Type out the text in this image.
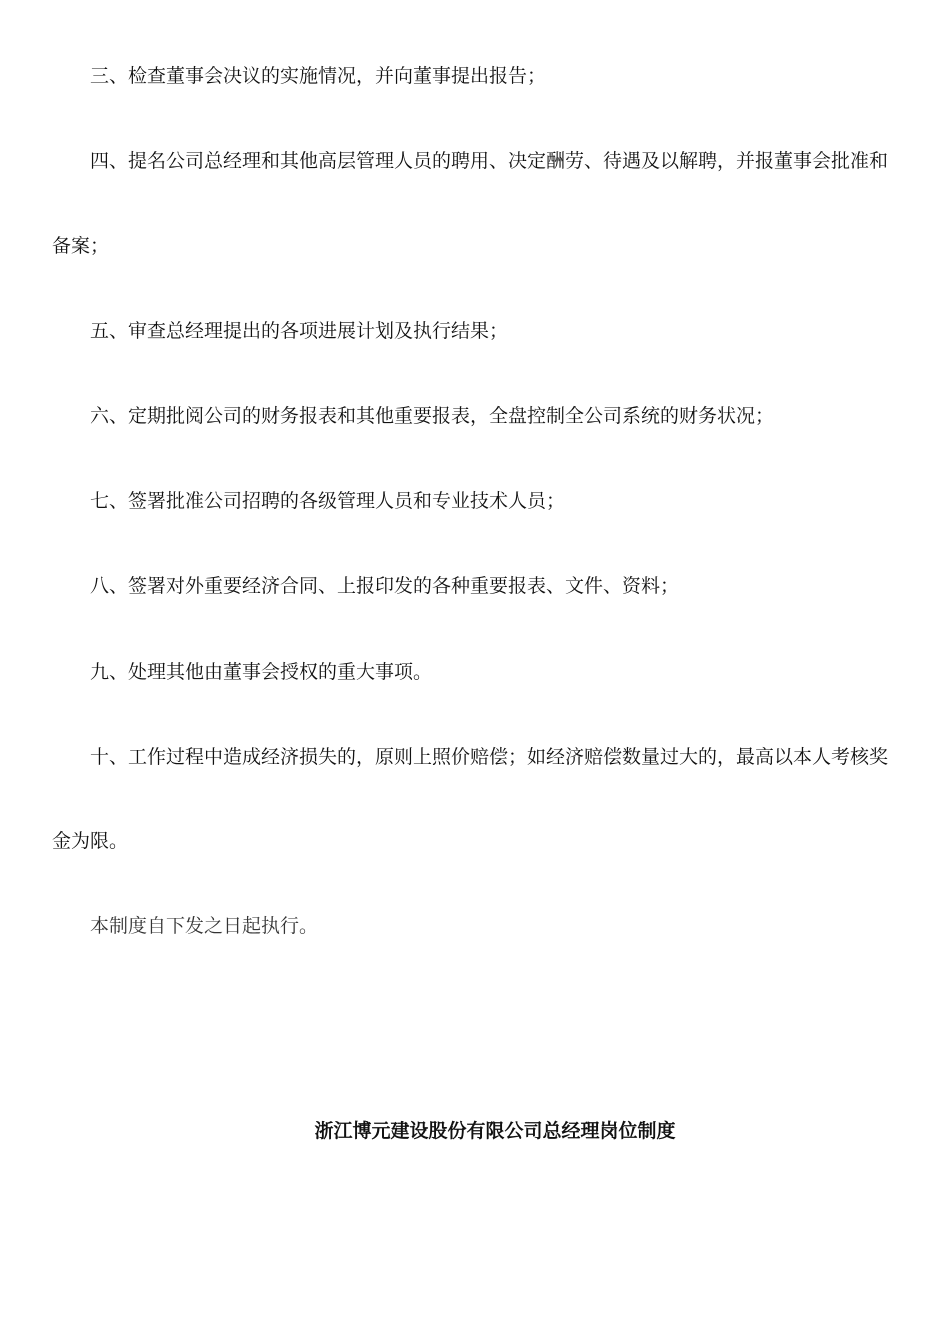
三、检查董事会决议的实施情况，并向董事提出报告；
四、提名公司总经理和其他高层管理人员的聘用、决定酬劳、待遇及以解聘，并报董事会批准和
备案；
五、审查总经理提出的各项进展计划及执行结果；
六、定期批阅公司的财务报表和其他重要报表，全盘控制全公司系统的财务状况；
七、签署批准公司招聘的各级管理人员和专业技术人员；
八、签署对外重要经济合同、上报印发的各种重要报表、文件、资料；
九、处理其他由董事会授权的重大事项。
十、工作过程中造成经济损失的，原则上照价赔偿；如经济赔偿数量过大的，最高以本人考核奖
金为限。
本制度自下发之日起执行。
浙江博元建设股份有限公司总经理岗位制度
